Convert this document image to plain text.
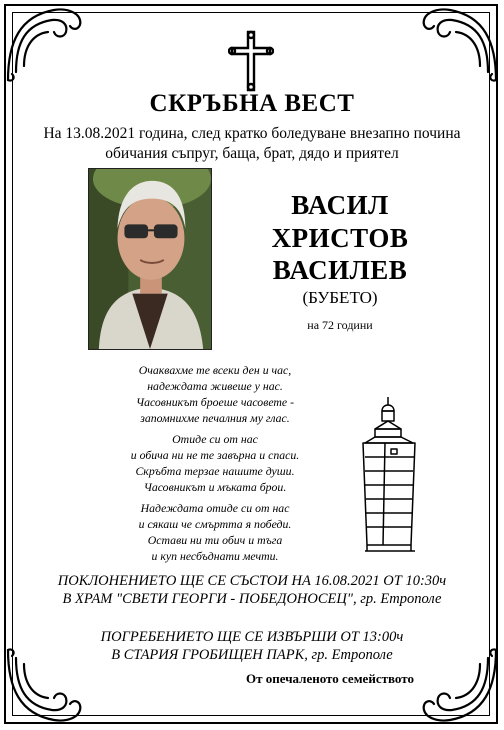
СКРЪБНА ВЕСТ
На 13.08.2021 година, след кратко боледуване внезапно почина
обичания съпруг, баща, брат, дядо и приятел
ВАСИЛ
ХРИСТОВ
ВАСИЛЕВ
(БУБЕТО)
на 72 години
Очаквахме те всеки ден и час,
надеждата живеше у нас.
Часовникът броеше часовете -
запомнихме печалния му глас.
Отиде си от нас
и обича ни не те завърна и спаси.
Скръбта терзае нашите души.
Часовникът и мъката брои.
Надеждата отиде си от нас
и сякаш че смъртта я победи.
Остави ни ти обич и тъга
и куп несбъднати мечти.
ПОКЛОНЕНИЕТО ЩЕ СЕ СЪСТОИ НА 16.08.2021 ОТ 10:30ч
В ХРАМ "СВЕТИ ГЕОРГИ - ПОБЕДОНОСЕЦ", гр. Етрополе
ПОГРЕБЕНИЕТО ЩЕ СЕ ИЗВЪРШИ ОТ 13:00ч
В СТАРИЯ ГРОБИЩЕН ПАРК, гр. Етрополе
От опечаленото семейството
